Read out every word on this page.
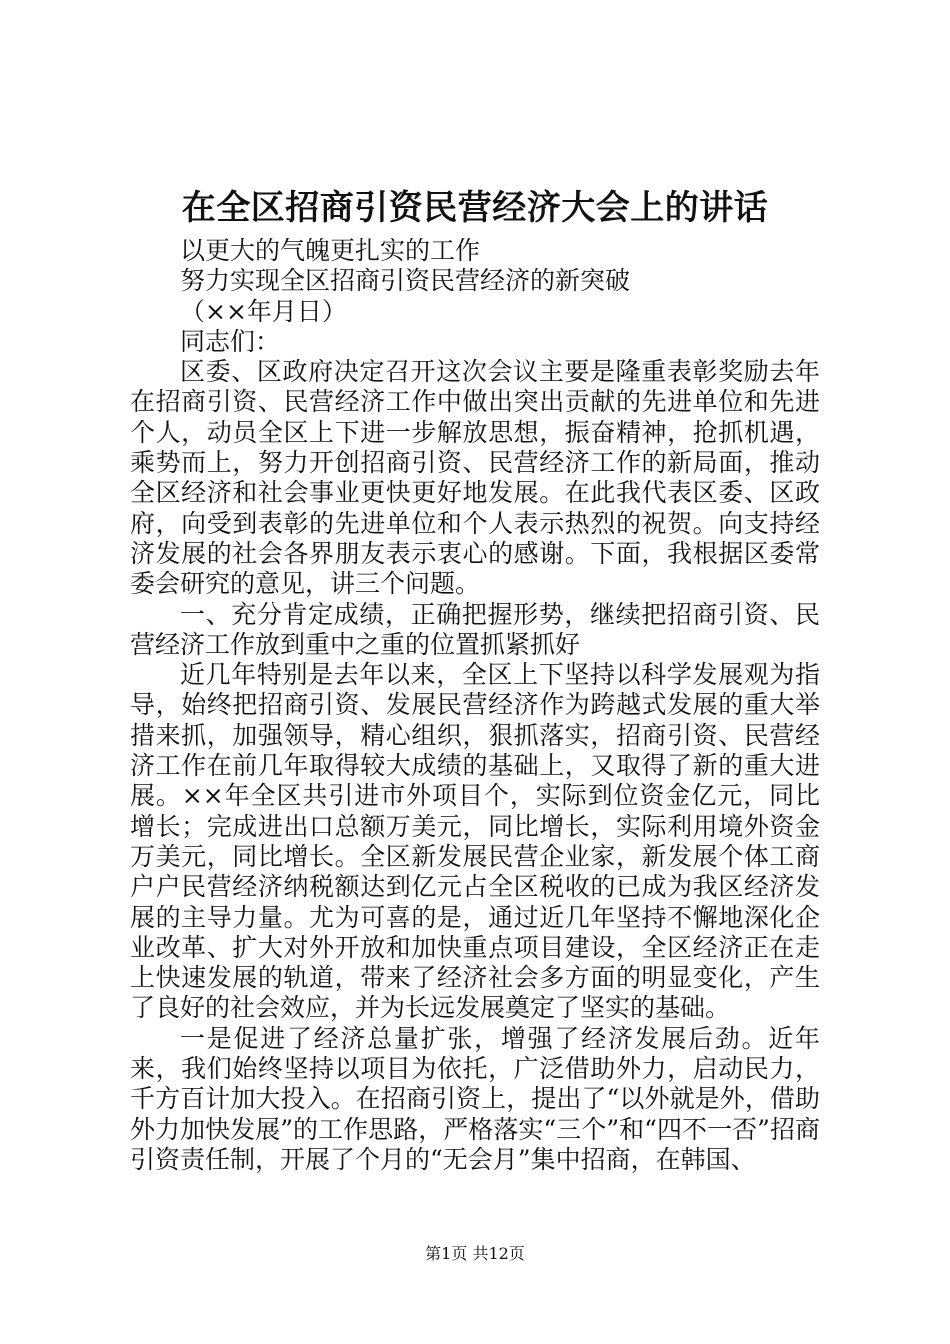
在全区招商引资民营经济大会上的讲话

以更大的气魄更扎实的工作

努力实现全区招商引资民营经济的新突破

（××年月日）

同志们：

区委、区政府决定召开这次会议主要是隆重表彰奖励去年在招商引资、民营经济工作中做出突出贡献的先进单位和先进个人，动员全区上下进一步解放思想，振奋精神，抢抓机遇，乘势而上，努力开创招商引资、民营经济工作的新局面，推动全区经济和社会事业更快更好地发展。在此我代表区委、区政府，向受到表彰的先进单位和个人表示热烈的祝贺。向支持经济发展的社会各界朋友表示衷心的感谢。下面，我根据区委常委会研究的意见，讲三个问题。

一、充分肯定成绩，正确把握形势，继续把招商引资、民营经济工作放到重中之重的位置抓紧抓好

近几年特别是去年以来，全区上下坚持以科学发展观为指导，始终把招商引资、发展民营经济作为跨越式发展的重大举措来抓，加强领导，精心组织，狠抓落实，招商引资、民营经济工作在前几年取得较大成绩的基础上，又取得了新的重大进展。××年全区共引进市外项目个，实际到位资金亿元，同比增长；完成进出口总额万美元，同比增长，实际利用境外资金万美元，同比增长。全区新发展民营企业家，新发展个体工商户户民营经济纳税额达到亿元占全区税收的已成为我区经济发展的主导力量。尤为可喜的是，通过近几年坚持不懈地深化企业改革、扩大对外开放和加快重点项目建设，全区经济正在走上快速发展的轨道，带来了经济社会多方面的明显变化，产生了良好的社会效应，并为长远发展奠定了坚实的基础。

一是促进了经济总量扩张，增强了经济发展后劲。近年来，我们始终坚持以项目为依托，广泛借助外力，启动民力，千方百计加大投入。在招商引资上，提出了“以外就是外，借助外力加快发展”的工作思路，严格落实“三个”和“四不一否”招商引资责任制，开展了个月的“无会月”集中招商，在韩国、

第1页 共12页
